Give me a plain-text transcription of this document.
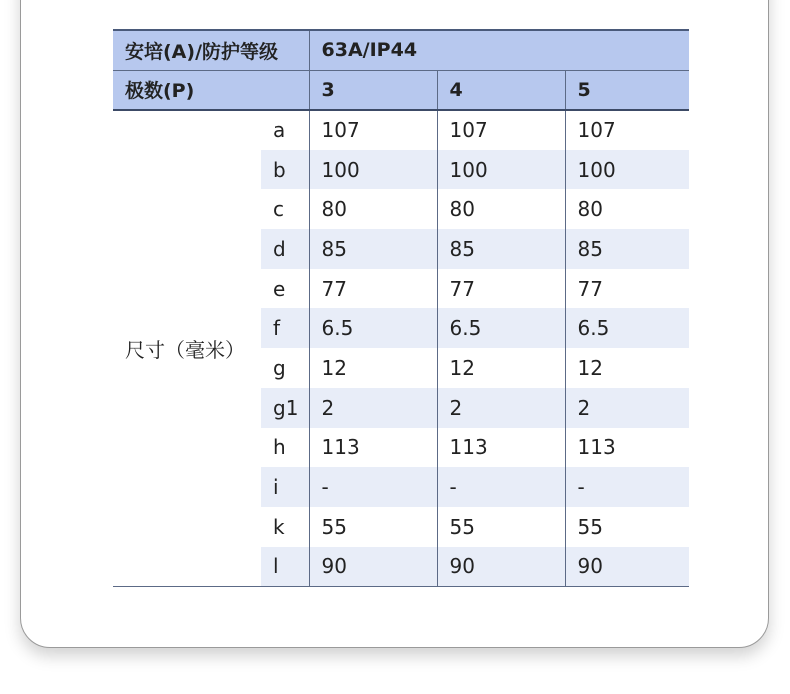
安培(A)/防护等级		63A/IP44		
极数(P)		3	4	5
尺寸（毫米）	a	107	107	107
	b	100	100	100
	c	80	80	80
	d	85	85	85
	e	77	77	77
	f	6.5	6.5	6.5
	g	12	12	12
	g1	2	2	2
	h	113	113	113
	i	-	-	-
	k	55	55	55
	l	90	90	90
